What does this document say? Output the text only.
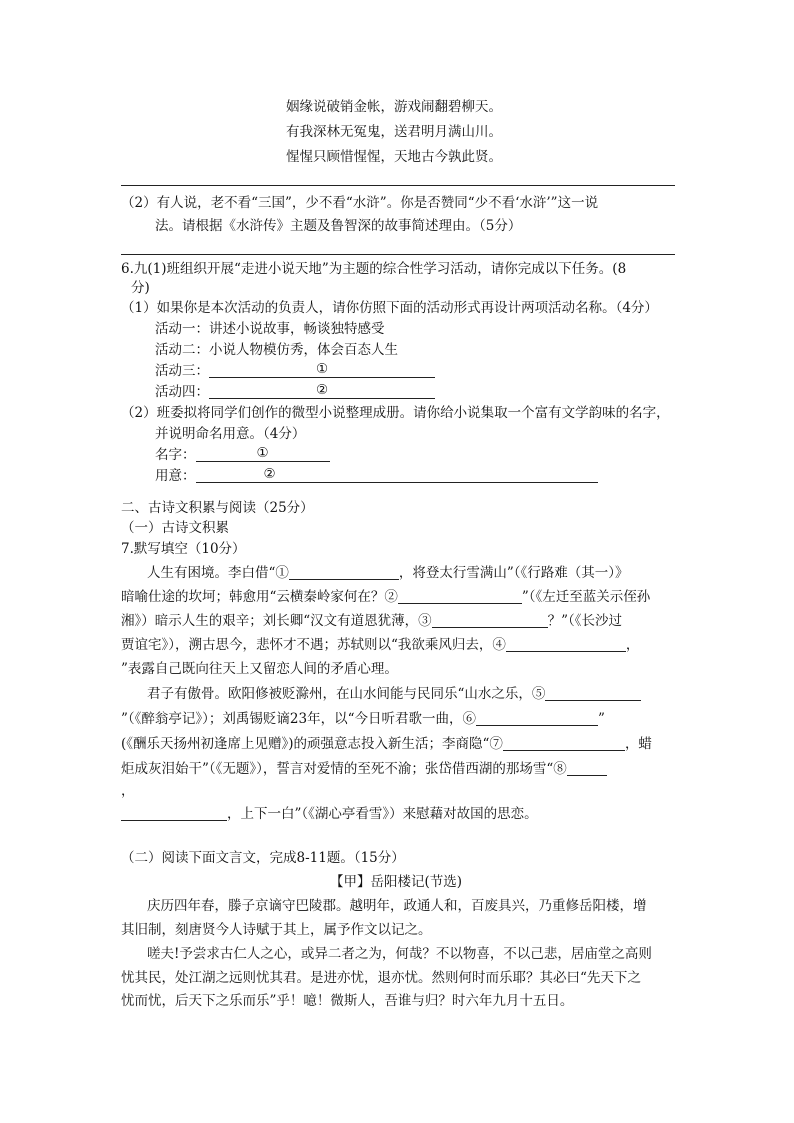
姻缘说破销金帐，游戏闹翻碧柳天。
有我深林无冤鬼，送君明月满山川。
惺惺只顾惜惺惺，天地古今孰此贤。
（2）有人说，老不看“三国”，少不看“水浒”。你是否赞同“少不看‘水浒’”这一说
法。请根据《水浒传》主题及鲁智深的故事简述理由。（5分）
6.九(1)班组织开展“走进小说天地”为主题的综合性学习活动，请你完成以下任务。(8
分)
（1）如果你是本次活动的负责人，请你仿照下面的活动形式再设计两项活动名称。（4分）
活动一：讲述小说故事，畅谈独特感受
活动二：小说人物模仿秀，体会百态人生
活动三：	①
活动四：	②
（2）班委拟将同学们创作的微型小说整理成册。请你给小说集取一个富有文学韵味的名字，
并说明命名用意。（4分）
名字：	①
用意：	②
二、古诗文积累与阅读（25分）
（一）古诗文积累
7.默写填空（10分）
人生有困境。李白借“①	，将登太行雪满山”（《行路难（其一）》
暗喻仕途的坎坷；韩愈用“云横秦岭家何在？②	”（《左迁至蓝关示侄孙
湘》）暗示人生的艰辛；刘长卿“汉文有道恩犹薄，③	？”（《长沙过
贾谊宅》），溯古思今，悲怀才不遇；苏轼则以“我欲乘风归去，④	，
”表露自己既向往天上又留恋人间的矛盾心理。
君子有傲骨。欧阳修被贬滁州，在山水间能与民同乐“山水之乐，⑤
”（《醉翁亭记》）；刘禹锡贬谪23年，以“今日听君歌一曲，⑥	”
(《酬乐天扬州初逢席上见赠》)的顽强意志投入新生活；李商隐“⑦	，蜡
炬成灰泪始干”（《无题》），誓言对爱情的至死不渝；张岱借西湖的那场雪“⑧
，
，上下一白”（《湖心亭看雪》）来慰藉对故国的思恋。
（二）阅读下面文言文，完成8-11题。（15分）
【甲】岳阳楼记(节选)
庆历四年春，滕子京谪守巴陵郡。越明年，政通人和，百废具兴，乃重修岳阳楼，增
其旧制，刻唐贤今人诗赋于其上，属予作文以记之。
嗟夫!予尝求古仁人之心，或异二者之为，何哉？不以物喜，不以己悲，居庙堂之高则
忧其民，处江湖之远则忧其君。是进亦忧，退亦忧。然则何时而乐耶？其必曰“先天下之
忧而忧，后天下之乐而乐”乎！噫！微斯人，吾谁与归？时六年九月十五日。
